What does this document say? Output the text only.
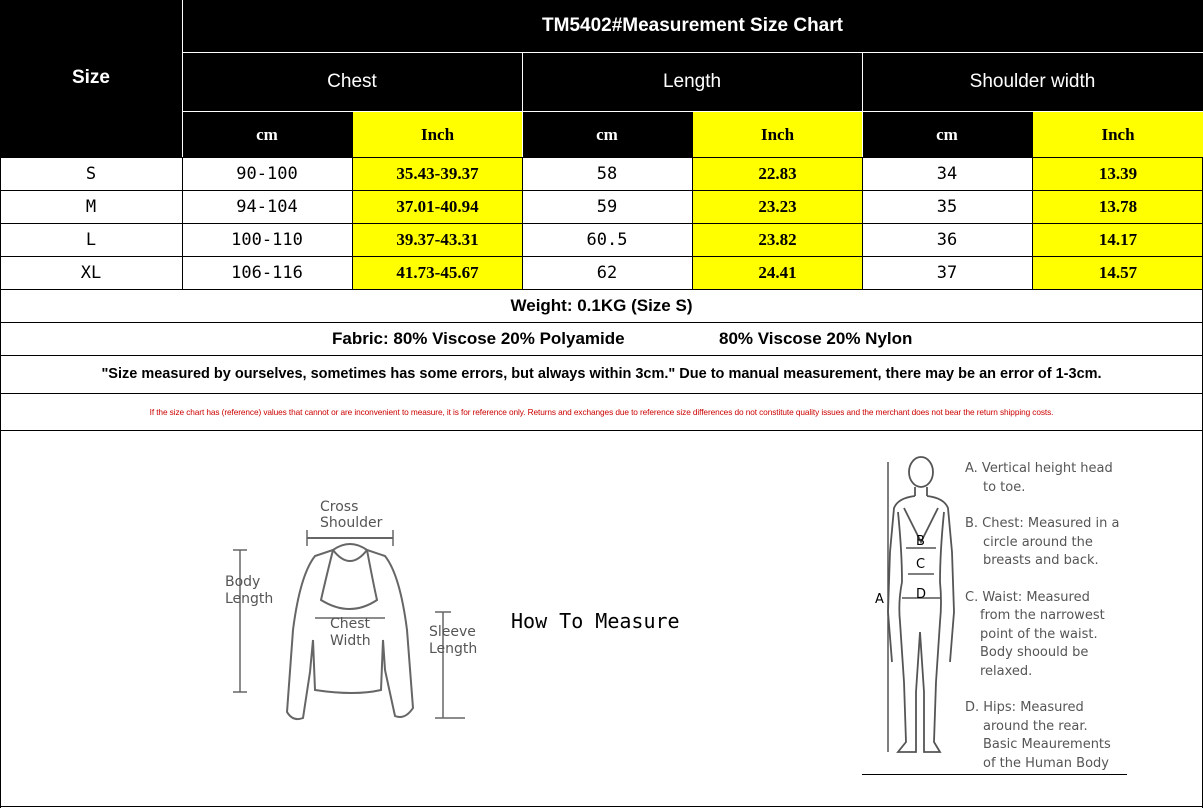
TM5402#Measurement Size Chart
Size	Chest	Length	Shoulder width
cm	Inch	cm	Inch	cm	Inch
S	90-100	35.43-39.37	58	22.83	34	13.39
M	94-104	37.01-40.94	59	23.23	35	13.78
L	100-110	39.37-43.31	60.5	23.82	36	14.17
XL	106-116	41.73-45.67	62	24.41	37	14.57
Weight: 0.1KG (Size S)
Fabric: 80% Viscose 20% Polyamide	80% Viscose 20% Nylon
"Size measured by ourselves, sometimes has some errors, but always within 3cm." Due to manual measurement, there may be an error of 1-3cm.
If the size chart has (reference) values that cannot or are inconvenient to measure, it is for reference only. Returns and exchanges due to reference size differences do not constitute quality issues and the merchant does not bear the return shipping costs.
Cross
Shoulder
Body
Length
Chest
Width
Sleeve
Length
How To Measure
B
C
D
A
A. Vertical height head
to toe.
B. Chest: Measured in a
circle around the
breasts and back.
C. Waist: Measured
from the narrowest
point of the waist.
Body shoould be
relaxed.
D. Hips: Measured
around the rear.
Basic Meaurements
of the Human Body
